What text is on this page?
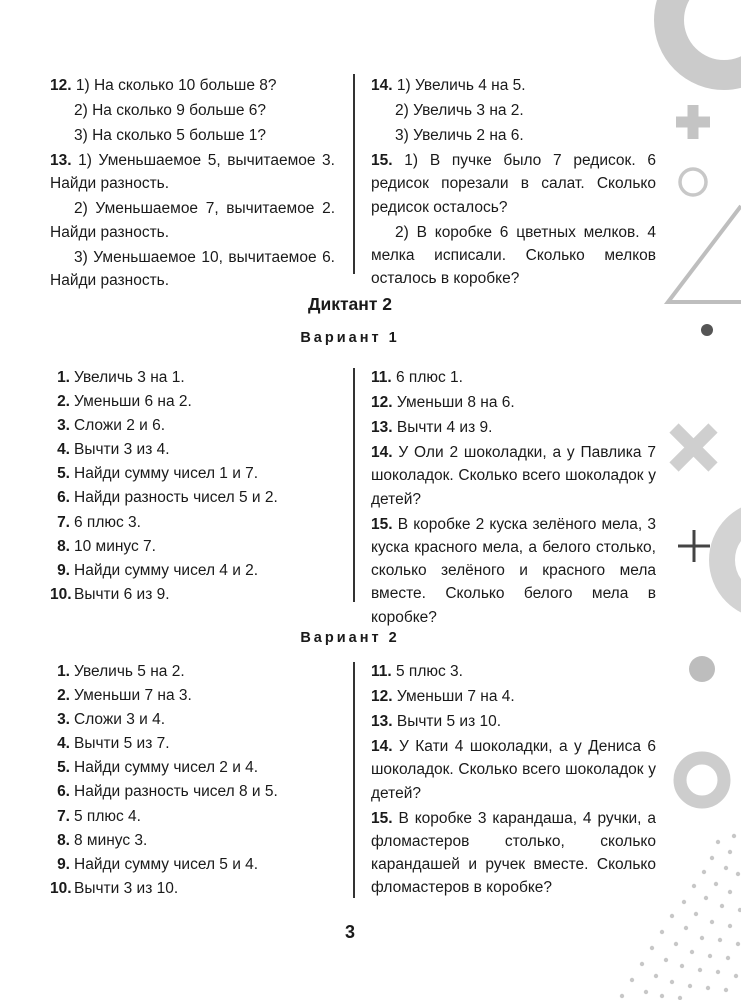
12. 1) На сколько 10 больше 8?

2) На сколько 9 больше 6?

3) На сколько 5 больше 1?

13. 1) Уменьшаемое 5, вычитаемое 3. Найди разность.

2) Уменьшаемое 7, вычитаемое 2. Найди разность.

3) Уменьшаемое 10, вычитаемое 6. Найди разность.

14. 1) Увеличь 4 на 5.

2) Увеличь 3 на 2.

3) Увеличь 2 на 6.

15. 1) В пучке было 7 редисок. 6 редисок порезали в салат. Сколько редисок осталось?

2) В коробке 6 цветных мелков. 4 мелка исписали. Сколько мелков осталось в коробке?

Диктант 2
Вариант 1
1. Увеличь 3 на 1.
2. Уменьши 6 на 2.
3. Сложи 2 и 6.
4. Вычти 3 из 4.
5. Найди сумму чисел 1 и 7.
6. Найди разность чисел 5 и 2.
7. 6 плюс 3.
8. 10 минус 7.
9. Найди сумму чисел 4 и 2.
10. Вычти 6 из 9.

11. 6 плюс 1.

12. Уменьши 8 на 6.

13. Вычти 4 из 9.

14. У Оли 2 шоколадки, а у Павлика 7 шоколадок. Сколько всего шоколадок у детей?

15. В коробке 2 куска зелёного мела, 3 куска красного мела, а белого столько, сколько зелёного и красного мела вместе. Сколько белого мела в коробке?

Вариант 2
1. Увеличь 5 на 2.
2. Уменьши 7 на 3.
3. Сложи 3 и 4.
4. Вычти 5 из 7.
5. Найди сумму чисел 2 и 4.
6. Найди разность чисел 8 и 5.
7. 5 плюс 4.
8. 8 минус 3.
9. Найди сумму чисел 5 и 4.
10. Вычти 3 из 10.

11. 5 плюс 3.

12. Уменьши 7 на 4.

13. Вычти 5 из 10.

14. У Кати 4 шоколадки, а у Дениса 6 шоколадок. Сколько всего шоколадок у детей?

15. В коробке 3 карандаша, 4 ручки, а фломастеров столько, сколько карандашей и ручек вместе. Сколько фломастеров в коробке?

3
